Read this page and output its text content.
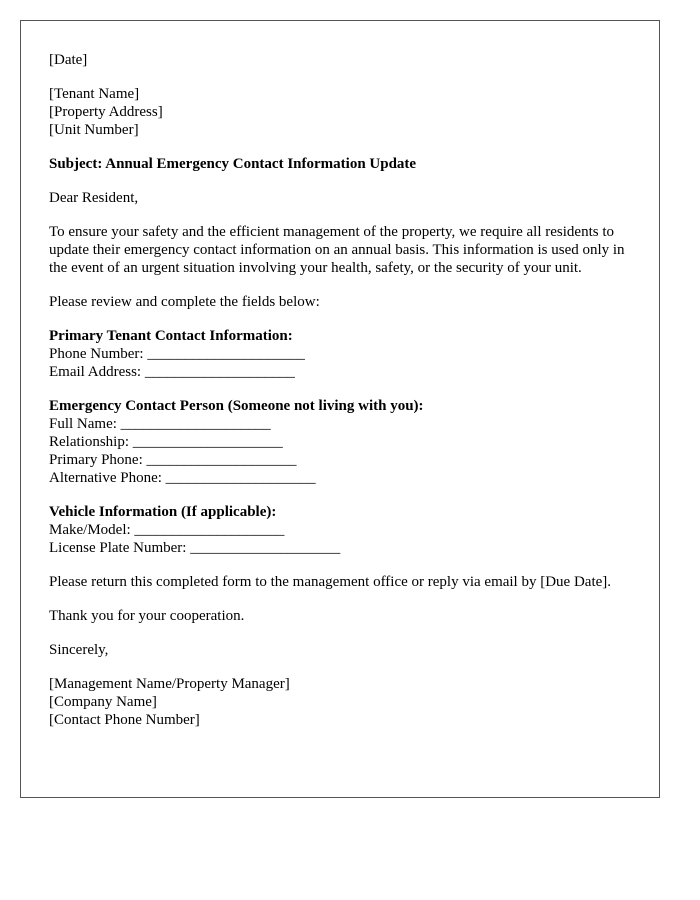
[Date]

[Tenant Name]
[Property Address]
[Unit Number]

Subject: Annual Emergency Contact Information Update

Dear Resident,

To ensure your safety and the efficient management of the property, we require all residents to update their emergency contact information on an annual basis. This information is used only in the event of an urgent situation involving your health, safety, or the security of your unit.

Please review and complete the fields below:

Primary Tenant Contact Information:
Phone Number: _____________________
Email Address: ____________________
Emergency Contact Person (Someone not living with you):
Full Name: ____________________
Relationship: ____________________
Primary Phone: ____________________
Alternative Phone: ____________________
Vehicle Information (If applicable):
Make/Model: ____________________
License Plate Number: ____________________

Please return this completed form to the management office or reply via email by [Due Date].

Thank you for your cooperation.

Sincerely,

[Management Name/Property Manager]
[Company Name]
[Contact Phone Number]
